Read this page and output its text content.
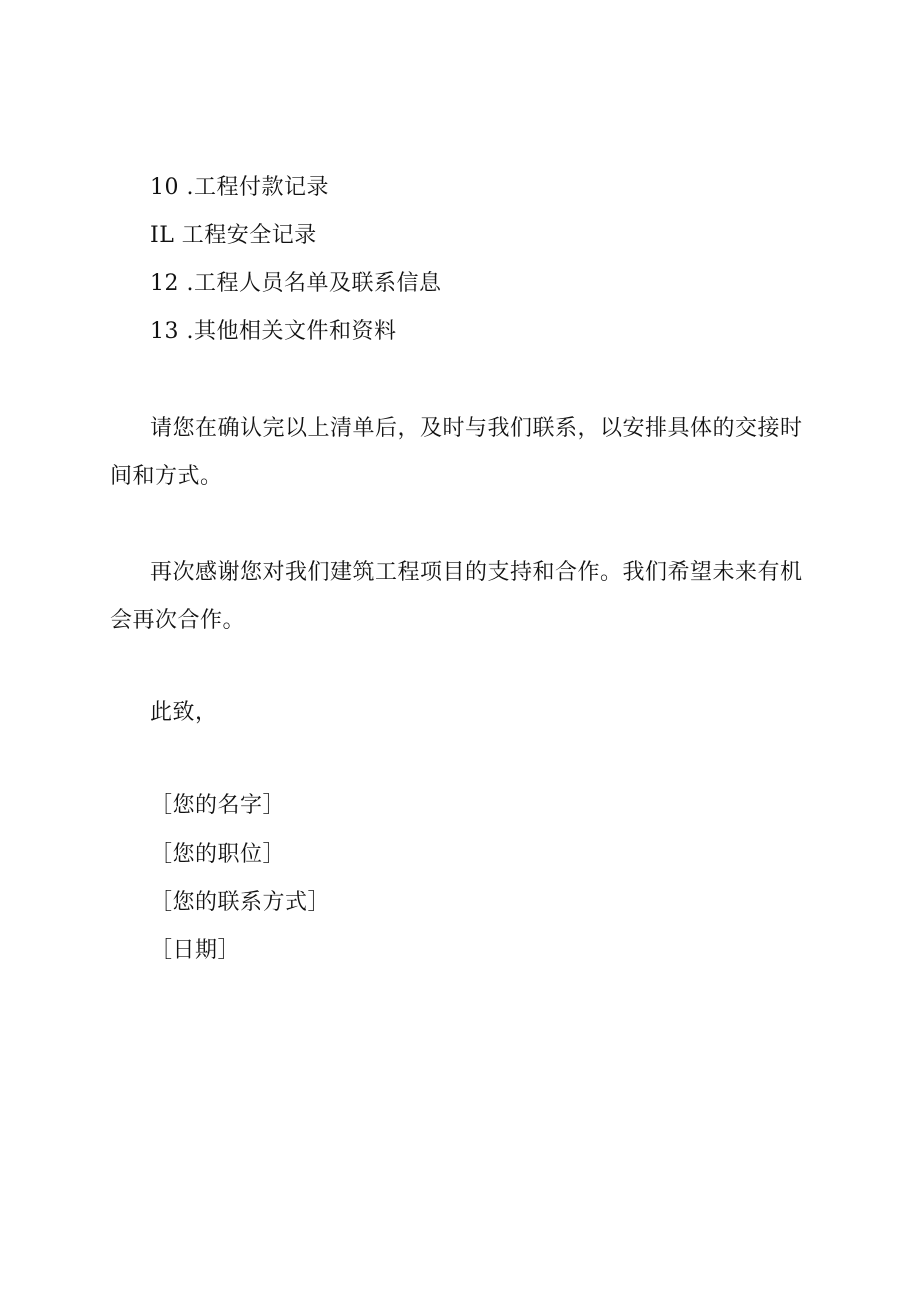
10 .工程付款记录
IL 工程安全记录
12 .工程人员名单及联系信息
13 .其他相关文件和资料
请您在确认完以上清单后，及时与我们联系，以安排具体的交接时间和方式。
再次感谢您对我们建筑工程项目的支持和合作。我们希望未来有机会再次合作。
此致，
［您的名字］
［您的职位］
［您的联系方式］
［日期］
